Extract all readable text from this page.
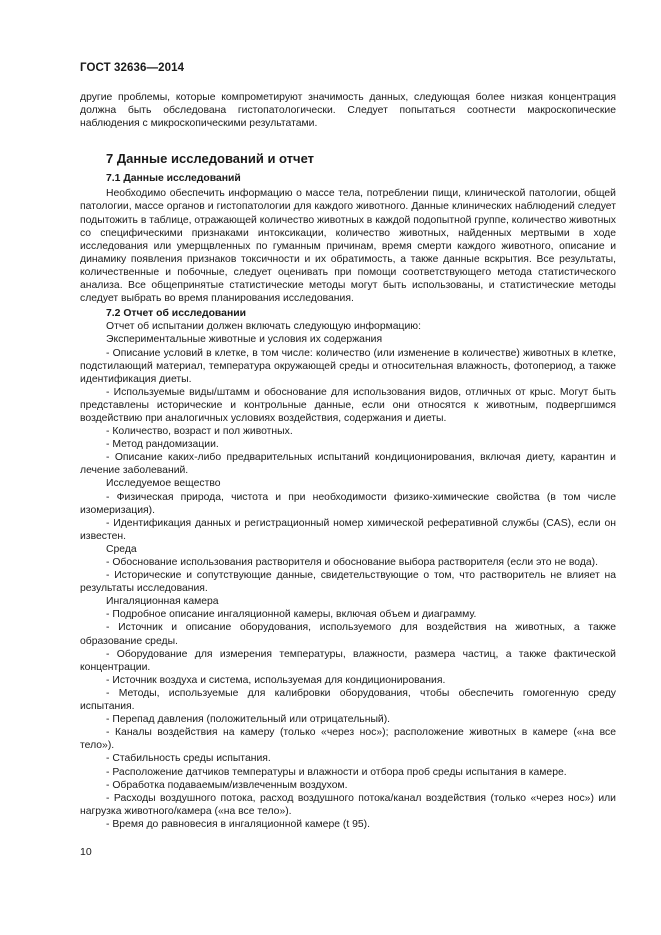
ГОСТ 32636—2014

другие проблемы, которые компрометируют значимость данных, следующая более низкая концентрация должна быть обследована гистопатологически. Следует попытаться соотнести макроскопические наблюдения с микроскопическими результатами.

7 Данные исследований и отчет

7.1 Данные исследований

Необходимо обеспечить информацию о массе тела, потреблении пищи, клинической патологии, общей патологии, массе органов и гистопатологии для каждого животного. Данные клинических наблюдений следует подытожить в таблице, отражающей количество животных в каждой подопытной группе, количество животных со специфическими признаками интоксикации, количество животных, найденных мертвыми в ходе исследования или умерщвленных по гуманным причинам, время смерти каждого животного, описание и динамику появления признаков токсичности и их обратимость, а также данные вскрытия. Все результаты, количественные и побочные, следует оценивать при помощи соответствующего метода статистического анализа. Все общепринятые статистические методы могут быть использованы, и статистические методы следует выбрать во время планирования исследования.

7.2 Отчет об исследовании

Отчет об испытании должен включать следующую информацию:

Экспериментальные животные и условия их содержания

- Описание условий в клетке, в том числе: количество (или изменение в количестве) животных в клетке, подстилающий материал, температура окружающей среды и относительная влажность, фотопериод, а также идентификация диеты.

- Используемые виды/штамм и обоснование для использования видов, отличных от крыс. Могут быть представлены исторические и контрольные данные, если они относятся к животным, подвергшимся воздействию при аналогичных условиях воздействия, содержания и диеты.

- Количество, возраст и пол животных.

- Метод рандомизации.

- Описание каких-либо предварительных испытаний кондиционирования, включая диету, карантин и лечение заболеваний.

Исследуемое вещество

- Физическая природа, чистота и при необходимости физико-химические свойства (в том числе изомеризация).

- Идентификация данных и регистрационный номер химической реферативной службы (CAS), если он известен.

Среда

- Обоснование использования растворителя и обоснование выбора растворителя (если это не вода).

- Исторические и сопутствующие данные, свидетельствующие о том, что растворитель не влияет на результаты исследования.

Ингаляционная камера

- Подробное описание ингаляционной камеры, включая объем и диаграмму.

- Источник и описание оборудования, используемого для воздействия на животных, а также образование среды.

- Оборудование для измерения температуры, влажности, размера частиц, а также фактической концентрации.

- Источник воздуха и система, используемая для кондиционирования.

- Методы, используемые для калибровки оборудования, чтобы обеспечить гомогенную среду испытания.

- Перепад давления (положительный или отрицательный).

- Каналы воздействия на камеру (только «через нос»); расположение животных в камере («на все тело»).

- Стабильность среды испытания.

- Расположение датчиков температуры и влажности и отбора проб среды испытания в камере.

- Обработка подаваемым/извлеченным воздухом.

- Расходы воздушного потока, расход воздушного потока/канал воздействия (только «через нос») или нагрузка животного/камера («на все тело»).

- Время до равновесия в ингаляционной камере (t 95).

10
